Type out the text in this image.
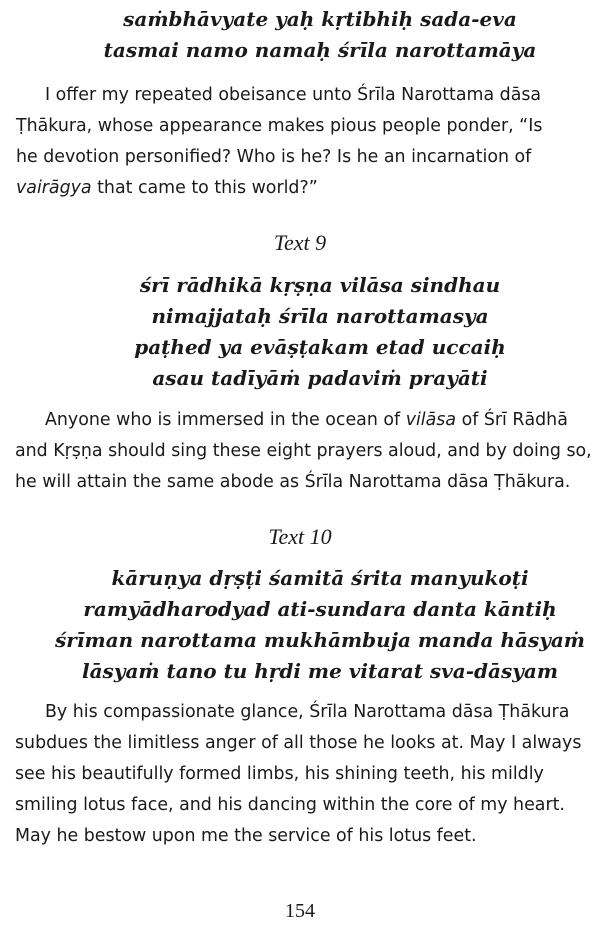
saṁbhāvyate yaḥ kṛtibhiḥ sada-eva
tasmai namo namaḥ śrīla narottamāya
I offer my repeated obeisance unto Śrīla Narottama dāsa
Ṭhākura, whose appearance makes pious people ponder, “Is
he devotion personified? Who is he? Is he an incarnation of
vairāgya that came to this world?”
Text 9
śrī rādhikā kṛṣṇa vilāsa sindhau
nimajjataḥ śrīla narottamasya
paṭhed ya evāṣṭakam etad uccaiḥ
asau tadīyāṁ padaviṁ prayāti
Anyone who is immersed in the ocean of vilāsa of Śrī Rādhā
and Kṛṣṇa should sing these eight prayers aloud, and by doing so,
he will attain the same abode as Śrīla Narottama dāsa Ṭhākura.
Text 10
kāruṇya dṛṣṭi śamitā śrita manyukoṭi
ramyādharodyad ati-sundara danta kāntiḥ
śrīman narottama mukhāmbuja manda hāsyaṁ
lāsyaṁ tano tu hṛdi me vitarat sva-dāsyam
By his compassionate glance, Śrīla Narottama dāsa Ṭhākura
subdues the limitless anger of all those he looks at. May I always
see his beautifully formed limbs, his shining teeth, his mildly
smiling lotus face, and his dancing within the core of my heart.
May he bestow upon me the service of his lotus feet.
154
